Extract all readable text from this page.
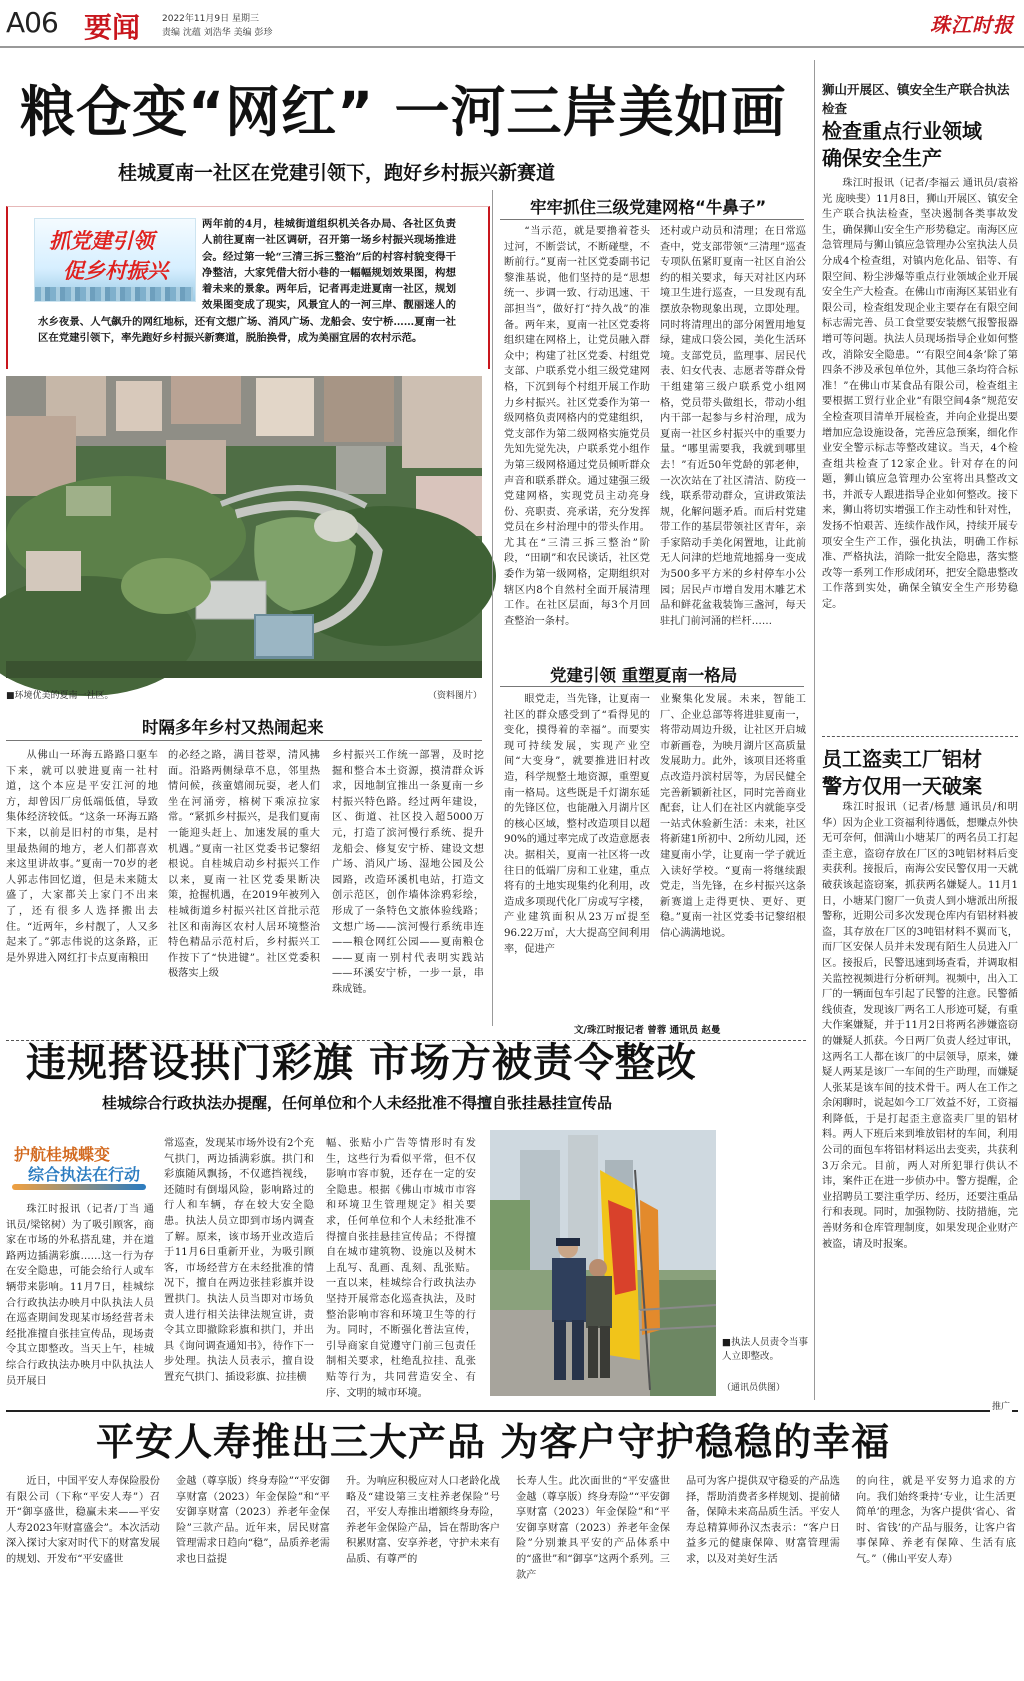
A06 要闻 2022年11月9日 星期三
责编 沈蕴 刘浩华 美编 彭珍	珠江时报
粮仓变“网红” 一河三岸美如画
桂城夏南一社区在党建引领下，跑好乡村振兴新赛道
抓党建引领
促乡村振兴
两年前的4月，桂城街道组织机关各办局、各社区负责人前往夏南一社区调研，召开第一场乡村振兴现场推进会。经过第一轮“三清三拆三整治”后的村容村貌变得干净整洁，大家凭借大衍小巷的一幅幅规划效果图，构想着未来的景象。两年后，记者再走进夏南一社区，规划效果图变成了现实，风景宜人的一河三岸、靓丽迷人的水乡夜景、人气飙升的网红地标，还有文想广场、消风广场、龙船会、安宁桥……夏南一社区在党建引领下，率先跑好乡村振兴新赛道，脱胎换骨，成为美丽宜居的农村示范。
■环境优美的夏南一社区。	（资料图片）
牢牢抓住三级党建网格“牛鼻子”
“当示范，就是要撸着苍头过河，不断尝试，不断碰壁，不断前行。”夏南一社区党委副书记黎淮基说，他们坚持的是“思想统一、步调一致、行动迅速、干部担当”，做好打“持久战”的准备。两年来，夏南一社区党委将组织建在网格上，让党员融入群众中；构建了社区党委、村组党支部、户联系党小组三级党建网格，下沉到每个村组开展工作助力乡村振兴。社区党委作为第一级网格负责网格内的党建组织，党支部作为第二级网格实施党员先知先觉先决，户联系党小组作为第三级网格通过党员倾听群众声音和联系群众。通过建强三级党建网格，实现党员主动亮身份、亮职责、亮承诺，充分发挥党员在乡村治理中的带头作用。尤其在“三清三拆三整治”阶段，“田刷”和农民谈话，社区党委作为第一级网格，定期组织对辖区内8个自然村全面开展清理工作。在社区层面，每3个月回查整治一条村。
还村或户动员和清理；在日常巡查中，党支部带领“三清理”巡查专项队伍紧盯夏南一社区自治公约的相关要求，每天对社区内环境卫生进行巡查，一旦发现有乱摆放杂物现象出现，立即处理。同时将清理出的部分闲置用地复绿，建成口袋公园，美化生活环境。支部党员，监理事、居民代表、妇女代表、志愿者等群众骨干组建第三级户联系党小组网格，党员带头做组长，带动小组内干部一起参与乡村治理，成为夏南一社区乡村振兴中的重要力量。“哪里需要我，我就到哪里去！”有近50年党龄的郭老伸，一次次站在了社区清洁、防疫一线，联系带动群众，宣讲政策法规，化解问题矛盾。而后村党建带工作的基层带领社区青年，亲手家陪动手美化闲置地，让此前无人问津的烂地荒地摇身一变成为500多平方米的乡村停车小公园；居民卢市增自发用木雕艺术品和鲜花盆栽装饰三盏河，每天驻扎门前河涌的栏杆……
党建引领 重塑夏南一格局
眼党走，当先锋，让夏南一社区的群众感受到了“看得见的变化，摸得着的幸福”。而要实现可持续发展，实现产业空间“大变身”，就要推进旧村改造，科学规整土地资源，重塑夏南一格局。这些既是千灯湖东延的先锋区位，也能融入月湖片区的核心区域，整村改造项目以超90%的通过率完成了改造意愿表决。据相关，夏南一社区将一改往日的低端厂房和工业建，重点将有的土地实现集约化利用，改造成多项现代化厂房或写字楼，产业建筑面积从23万㎡提至96.22万㎡，大大提高空间利用率，促进产
业聚集化发展。未来，智能工厂、企业总部等将进驻夏南一，将带动周边升级，让社区开启城市新画卷，为映月湖片区高质量发展助力。此外，该项目还将重点改造丹滨村居等，为居民健全完善新颖新社区，同时完善商业配套，让人们在社区内就能享受一站式休验新生活：未来，社区将新建1所初中、2所幼儿园，还建夏南小学，让夏南一学子就近入读好学校。“夏南一将继续跟党走，当先锋，在乡村振兴这条新赛道上走得更快、更好、更稳。”夏南一社区党委书记黎绍根信心满满地说。
时隔多年乡村又热闹起来
从佛山一环海五路路口驱车下来，就可以驶进夏南一社村道，这个本应是平安江河的地方，却曾因厂房低端低值，导致集体经济较低。“这条一环海五路下来，以前是旧村的市集，是村里最热闹的地方，老人们都喜欢来这里讲故事。”夏南一70岁的老人郭志伟回忆道，但是未来随太盛了，大家都关上家门不出来了，还有很多人选择搬出去住。“近两年，乡村靓了，人又多起来了。”郭志伟说的这条路，正是外界进入网红打卡点夏南粮田
的必经之路，满目苍翠，清风拂面。沿路两侧绿草不息，邻里热情问候，孩童嬉闹玩耍，老人们坐在河涌旁，榕树下乘凉拉家常。“紧抓乡村振兴，是我们夏南一能迎头赶上、加速发展的重大机遇。”夏南一社区党委书记黎绍根说。自桂城启动乡村振兴工作以来，夏南一社区党委果断决策，抢握机遇，在2019年被列入桂城街道乡村振兴社区首批示范社区和南海区农村人居环境整治特色精品示范村后，乡村振兴工作按下了“快进键”。社区党委积极落实上级
乡村振兴工作统一部署，及时挖掘和整合本土资源，摸清群众诉求，因地制宜推出一条夏南一乡村振兴特色路。经过两年建设，区、街道、社区投入超5000万元，打造了滨河慢行系统、提升龙船会、修复安宁桥、建设文想广场、消风广场、湿地公园及公园路，改造环溪机电站，打造文创示范区，创作墙体涂鸦彩绘，形成了一条特色文旅体验线路；文想广场——滨河慢行系统串连——粮仓网红公园——夏南粮仓——夏南一别村代表明实践站——环溪安宁桥，一步一景，串珠成链。
文/珠江时报记者 曾蓉 通讯员 赵曼
违规搭设拱门彩旗 市场方被责令整改
桂城综合行政执法办提醒，任何单位和个人未经批准不得擅自张挂悬挂宣传品
护航桂城蝶变
综合执法在行动
珠江时报讯（记者/丁当 通讯员/梁铭树）为了吸引顾客，商家在市场的外私搭乱建，并在道路两边插满彩旗……这一行为存在安全隐患，可能会给行人或车辆带来影响。11月7日，桂城综合行政执法办映月中队执法人员在巡查期间发现某市场经营者未经批准擅自张挂宣传品，现场责令其立即整改。当天上午，桂城综合行政执法办映月中队执法人员开展日
常巡查，发现某市场外设有2个充气拱门，两边插满彩旗。拱门和彩旗随风飘扬，不仅遮挡视线，还随时有倒塌风险，影响路过的行人和车辆，存在较大安全隐患。执法人员立即到市场内调查了解。原来，该市场开业改造后于11月6日重新开业，为吸引顾客，市场经营方在未经批准的情况下，擅自在两边张挂彩旗并设置拱门。执法人员当即对市场负责人进行相关法律法规宣讲，责令其立即撤除彩旗和拱门，并出具《询问调查通知书》，待作下一步处理。执法人员表示，擅自设置充气拱门、插设彩旗、拉挂横
幅、张贴小广告等情形时有发生，这些行为看似平常，但不仅影响市容市貌，还存在一定的安全隐患。根据《佛山市城市市容和环境卫生管理规定》相关要求，任何单位和个人未经批准不得擅自张挂悬挂宣传品；不得擅自在城市建筑物、设施以及树木上乱写、乱画、乱刻、乱张贴。一直以来，桂城综合行政执法办坚持开展常态化巡查执法，及时整治影响市容和环境卫生等的行为。同时，不断强化普法宣传，引导商家自觉遵守门前三包责任制相关要求，杜绝乱拉挂、乱张贴等行为，共同营造安全、有序、文明的城市环境。
■执法人员责令当事人立即整改。
（通讯员供图）
狮山开展区、镇安全生产联合执法检查
检查重点行业领域 确保安全生产
珠江时报讯（记者/李福云 通讯员/袁裕光 庞映斐）11月8日，狮山开展区、镇安全生产联合执法检查，坚决遏制各类事故发生，确保狮山安全生产形势稳定。南海区应急管理局与狮山镇应急管理办公室执法人员分成4个检查组，对镇内危化品、铝等、有限空间、粉尘涉爆等重点行业领域企业开展安全生产大检查。在佛山市南海区某铝业有限公司，检查组发现企业主要存在有限空间标志需完善、员工食堂要安装燃气报警报器增可等问题。执法人员现场指导企业如何整改，消除安全隐患。“‘有限空间4条’除了第四条不涉及承包单位外，其他三条均符合标准！”在佛山市某食品有限公司，检查组主要根据工贸行业企业“有限空间4条”规范安全检查项目清单开展检查，并向企业提出要增加应急设施设备，完善应急预案，细化作业安全警示标志等整改建议。当天，4个检查组共检查了12家企业。针对存在的问题，狮山镇应急管理办公室将出具整改文书，并派专人跟进指导企业如何整改。接下来，狮山将切实增强工作主动性和针对性，发扬不怕艰苦、连续作战作风，持续开展专项安全生产工作，强化执法，明确工作标准、严格执法，消除一批安全隐患，落实整改等一系列工作形成闭环，把安全隐患整改工作落到实处，确保全镇安全生产形势稳定。
员工盗卖工厂铝材 警方仅用一天破案
珠江时报讯（记者/杨慧 通讯员/和明华）因为企业工资福利待遇低，想赚点外快无可奈何，佃满山小塘某厂的两名员工打起歪主意，盗窃存放在厂区的3吨铝材料后变卖获利。接报后，南海公安民警仅用一天就破获该起盗窃案，抓获两名嫌疑人。11月1日，小塘某门窗厂一负责人到小塘派出所报警称，近期公司多次发现仓库内有铝材料被盗，其存放在厂区的3吨铝材料不翼而飞，而厂区安保人员并未发现有陌生人员进入厂区。接报后，民警迅速到场查看，并调取相关监控视频进行分析研判。视频中，出入工厂的一辆面包车引起了民警的注意。民警循线侦查，发现该厂两名工人形迹可疑，有重大作案嫌疑，并于11月2日将两名涉嫌盗窃的嫌疑人抓获。今日两厂负责人经过审讯，这两名工人都在该厂的中层领导，原来，嫌疑人两某是该厂一车间的生产助理，而嫌疑人张某是该车间的技术骨干。两人在工作之余闲聊时，说起如今工厂效益不好，工资福利降低，于是打起歪主意盗卖厂里的铝材料。两人下班后来到堆放铝材的车间，利用公司的面包车将铝材料运出去变卖，共获利3万余元。目前，两人对所犯罪行供认不讳，案件正在进一步侦办中。警方提醒，企业招聘员工要注重学历、经历，还要注重品行和表现。同时，加强物防、技防措施，完善财务和仓库管理制度，如果发现企业财产被盗，请及时报案。
推广
平安人寿推出三大产品 为客户守护稳稳的幸福
近日，中国平安人寿保险股份有限公司（下称“平安人寿”）召开“御享盛世，稳赢未来——平安人寿2023年财富盛会”。本次活动深入探讨大家对时代下的财富发展的规划、开发布“平安盛世
金越（尊享版）终身寿险”“平安御享财富（2023）年金保险”和“平安御享财富（2023）养老年金保险”三款产品。近年来，居民财富管理需求日趋向“稳”，品质养老需求也日益提
升。为响应积极应对人口老龄化战略及“建设第三支柱养老保险”号召，平安人寿推出增额终身寿险，养老年金保险产品，旨在帮助客户积累财富、安享养老，守护未来有品质、有尊严的
长寿人生。此次面世的“平安盛世金越（尊享版）终身寿险”“平安御享财富（2023）年金保险”和“平安御享财富（2023）养老年金保险”分别兼具平安的产品体系中的“盛世”和“御享”这两个系列。三款产
品可为客户提供双守稳妥的产品选择，帮助消费者多样规划、提前储备，保障未来高品质生活。平安人寿总精算师孙汉杰表示：“客户日益多元的健康保障、财富管理需求，以及对美好生活
的向往，就是平安努力追求的方向。我们始终秉持‘专业，让生活更简单’的理念，为客户提供‘省心、省时、省钱’的产品与服务，让客户省事保障、养老有保障、生活有底气。”（佛山平安人寿）
